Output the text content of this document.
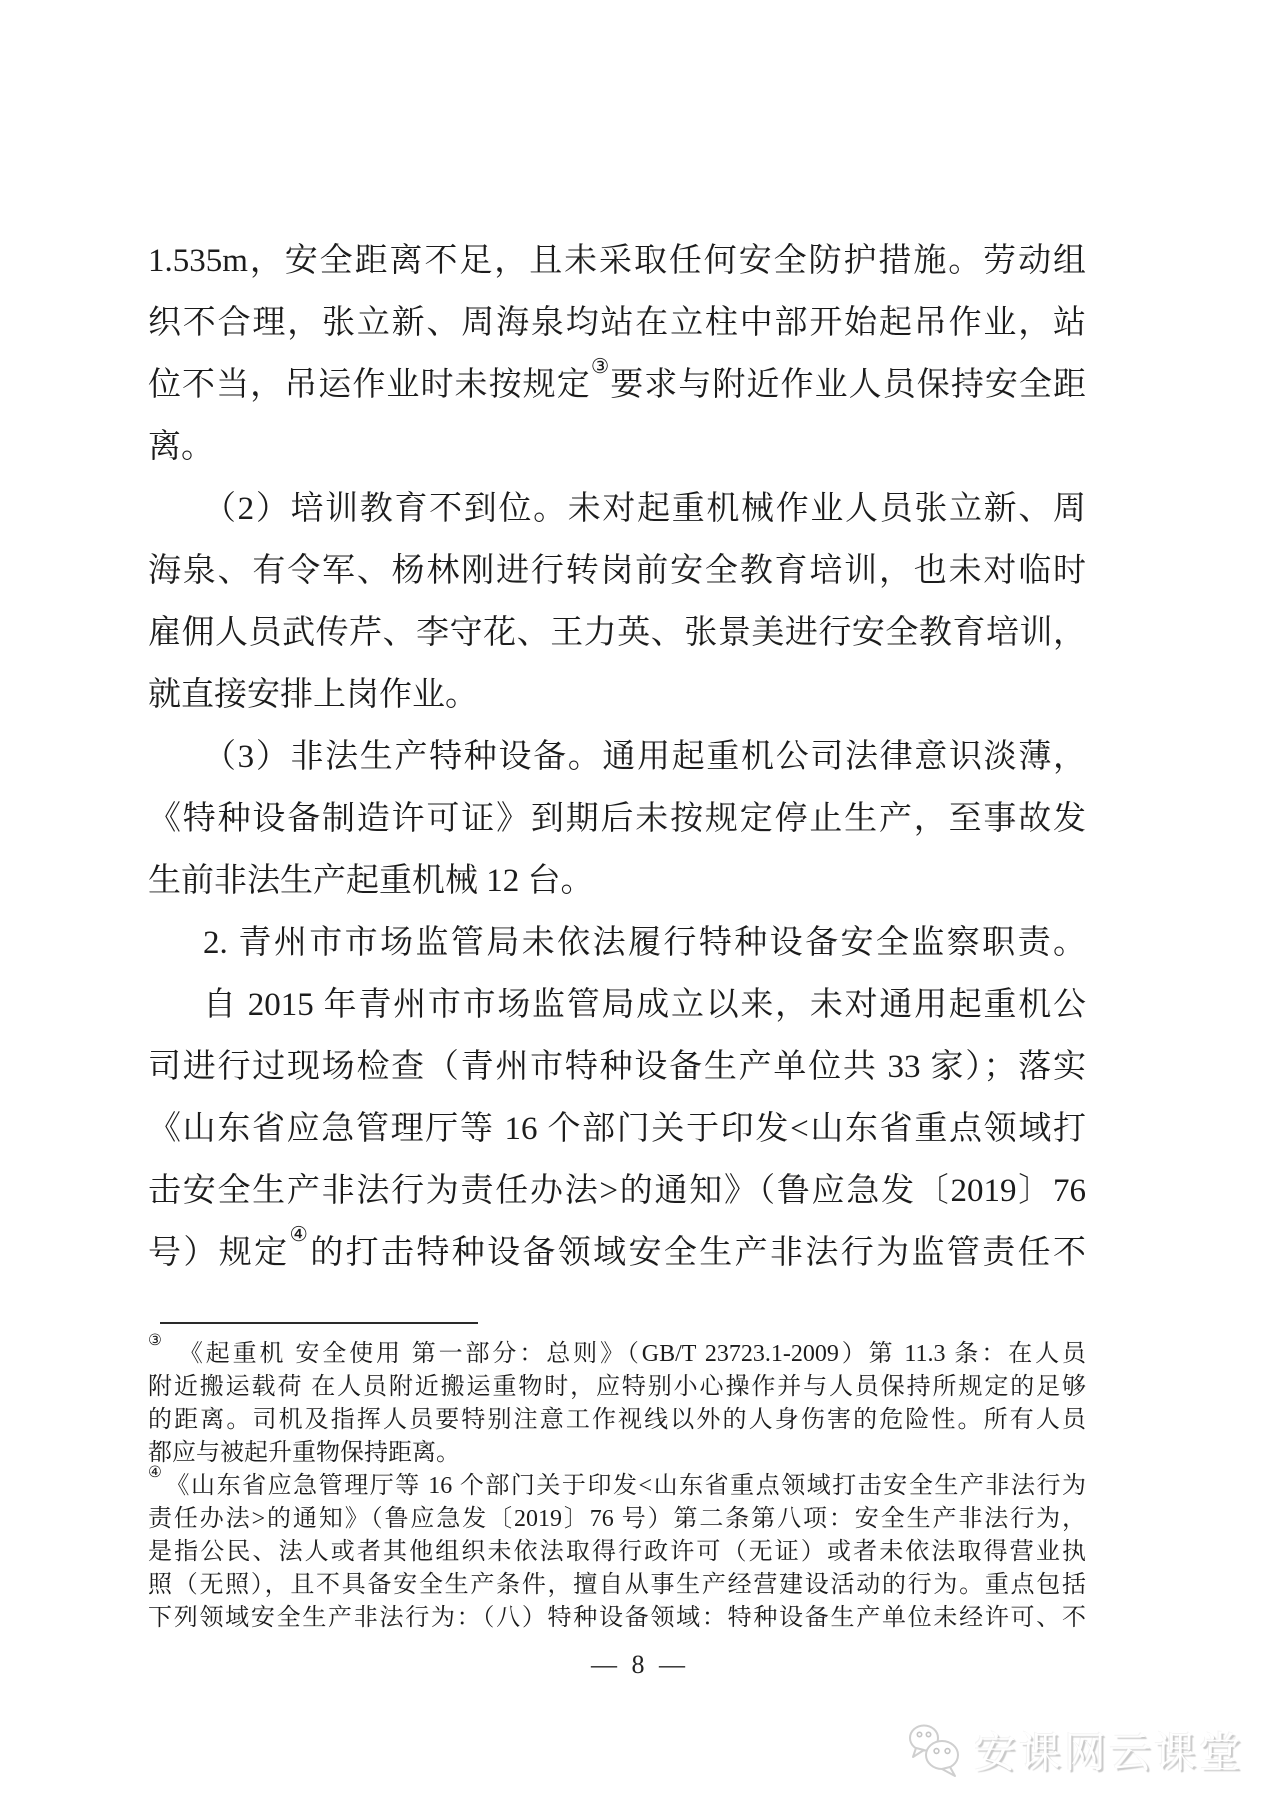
1.535m，安全距离不足，且未采取任何安全防护措施。劳动组
织不合理，张立新、周海泉均站在立柱中部开始起吊作业，站
位不当，吊运作业时未按规定③要求与附近作业人员保持安全距
离。
（2）培训教育不到位。未对起重机械作业人员张立新、周
海泉、有令军、杨林刚进行转岗前安全教育培训，也未对临时
雇佣人员武传芹、李守花、王力英、张景美进行安全教育培训，
就直接安排上岗作业。
（3）非法生产特种设备。通用起重机公司法律意识淡薄，
《特种设备制造许可证》到期后未按规定停止生产，至事故发
生前非法生产起重机械 12 台。
2. 青州市市场监管局未依法履行特种设备安全监察职责。
自 2015 年青州市市场监管局成立以来，未对通用起重机公
司进行过现场检查（青州市特种设备生产单位共 33 家）；落实
《山东省应急管理厅等 16 个部门关于印发<山东省重点领域打
击安全生产非法行为责任办法>的通知》（鲁应急发〔2019〕76
号）规定④的打击特种设备领域安全生产非法行为监管责任不
③《起重机 安全使用 第一部分：总则》（GB/T 23723.1-2009）第 11.3 条：在人员
附近搬运载荷 在人员附近搬运重物时，应特别小心操作并与人员保持所规定的足够
的距离。司机及指挥人员要特别注意工作视线以外的人身伤害的危险性。所有人员
都应与被起升重物保持距离。
④《山东省应急管理厅等 16 个部门关于印发<山东省重点领域打击安全生产非法行为
责任办法>的通知》（鲁应急发〔2019〕76 号）第二条第八项：安全生产非法行为，
是指公民、法人或者其他组织未依法取得行政许可（无证）或者未依法取得营业执
照（无照），且不具备安全生产条件，擅自从事生产经营建设活动的行为。重点包括
下列领域安全生产非法行为：（八）特种设备领域：特种设备生产单位未经许可、不
— 8 —
安课网云课堂
